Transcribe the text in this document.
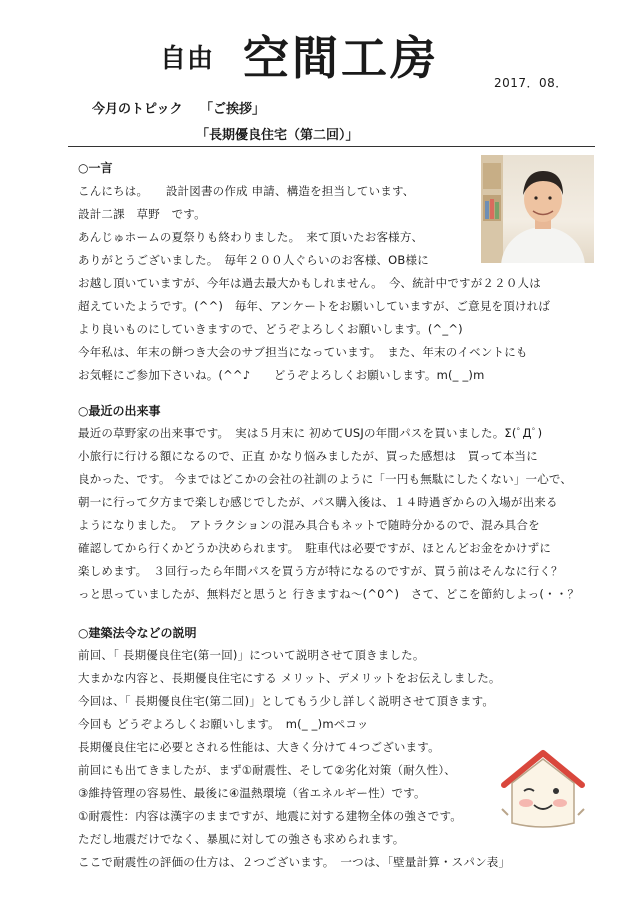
自由 空間工房	2017．08．
今月のトピック 「ご挨拶」
「長期優良住宅（第二回）」
○一言
こんにちは。　　設計図書の作成 申請、構造を担当しています、
設計二課　草野　です。
あんじゅホームの夏祭りも終わりました。　来て頂いたお客様方、
ありがとうございました。　毎年２００人ぐらいのお客様、OB様に
お越し頂いていますが、今年は過去最大かもしれません。　今、統計中ですが２２０人は
超えていたようです。(^^)　毎年、アンケートをお願いしていますが、ご意見を頂ければ
より良いものにしていきますので、どうぞよろしくお願いします。(^_^)
今年私は、年末の餅つき大会のサブ担当になっています。　また、年末のイベントにも
お気軽にご参加下さいね。(^^♪　　どうぞよろしくお願いします。m(_ _)m
○最近の出来事
最近の草野家の出来事です。　実は５月末に 初めてUSJの年間パスを買いました。Σ(ﾟДﾟ)
小旅行に行ける額になるので、正直 かなり悩みましたが、買った感想は　買って本当に
良かった、です。 今まではどこかの会社の社訓のように「一円も無駄にしたくない」一心で、
朝一に行って夕方まで楽しむ感じでしたが、パス購入後は、１４時過ぎからの入場が出来る
ようになりました。　アトラクションの混み具合もネットで随時分かるので、混み具合を
確認してから行くかどうか決められます。　駐車代は必要ですが、ほとんどお金をかけずに
楽しめます。　３回行ったら年間パスを買う方が特になるのですが、買う前はそんなに行く？
っと思っていましたが、無料だと思うと 行きますね～(^0^)　さて、どこを節約しよっ(・・？
○建築法令などの説明
前回、「 長期優良住宅(第一回)」について説明させて頂きました。
大まかな内容と、長期優良住宅にする メリット、デメリットをお伝えしました。
今回は、「 長期優良住宅(第二回)」としてもう少し詳しく説明させて頂きます。
今回も どうぞよろしくお願いします。　m(_ _)mペコッ
長期優良住宅に必要とされる性能は、大きく分けて４つございます。
前回にも出てきましたが、まず①耐震性、そして②劣化対策（耐久性）、
③維持管理の容易性、最後に④温熱環境（省エネルギー性）です。
①耐震性：内容は漢字のままですが、地震に対する建物全体の強さです。
ただし地震だけでなく、暴風に対しての強さも求められます。
ここで耐震性の評価の仕方は、２つございます。　一つは、「壁量計算・スパン表」
